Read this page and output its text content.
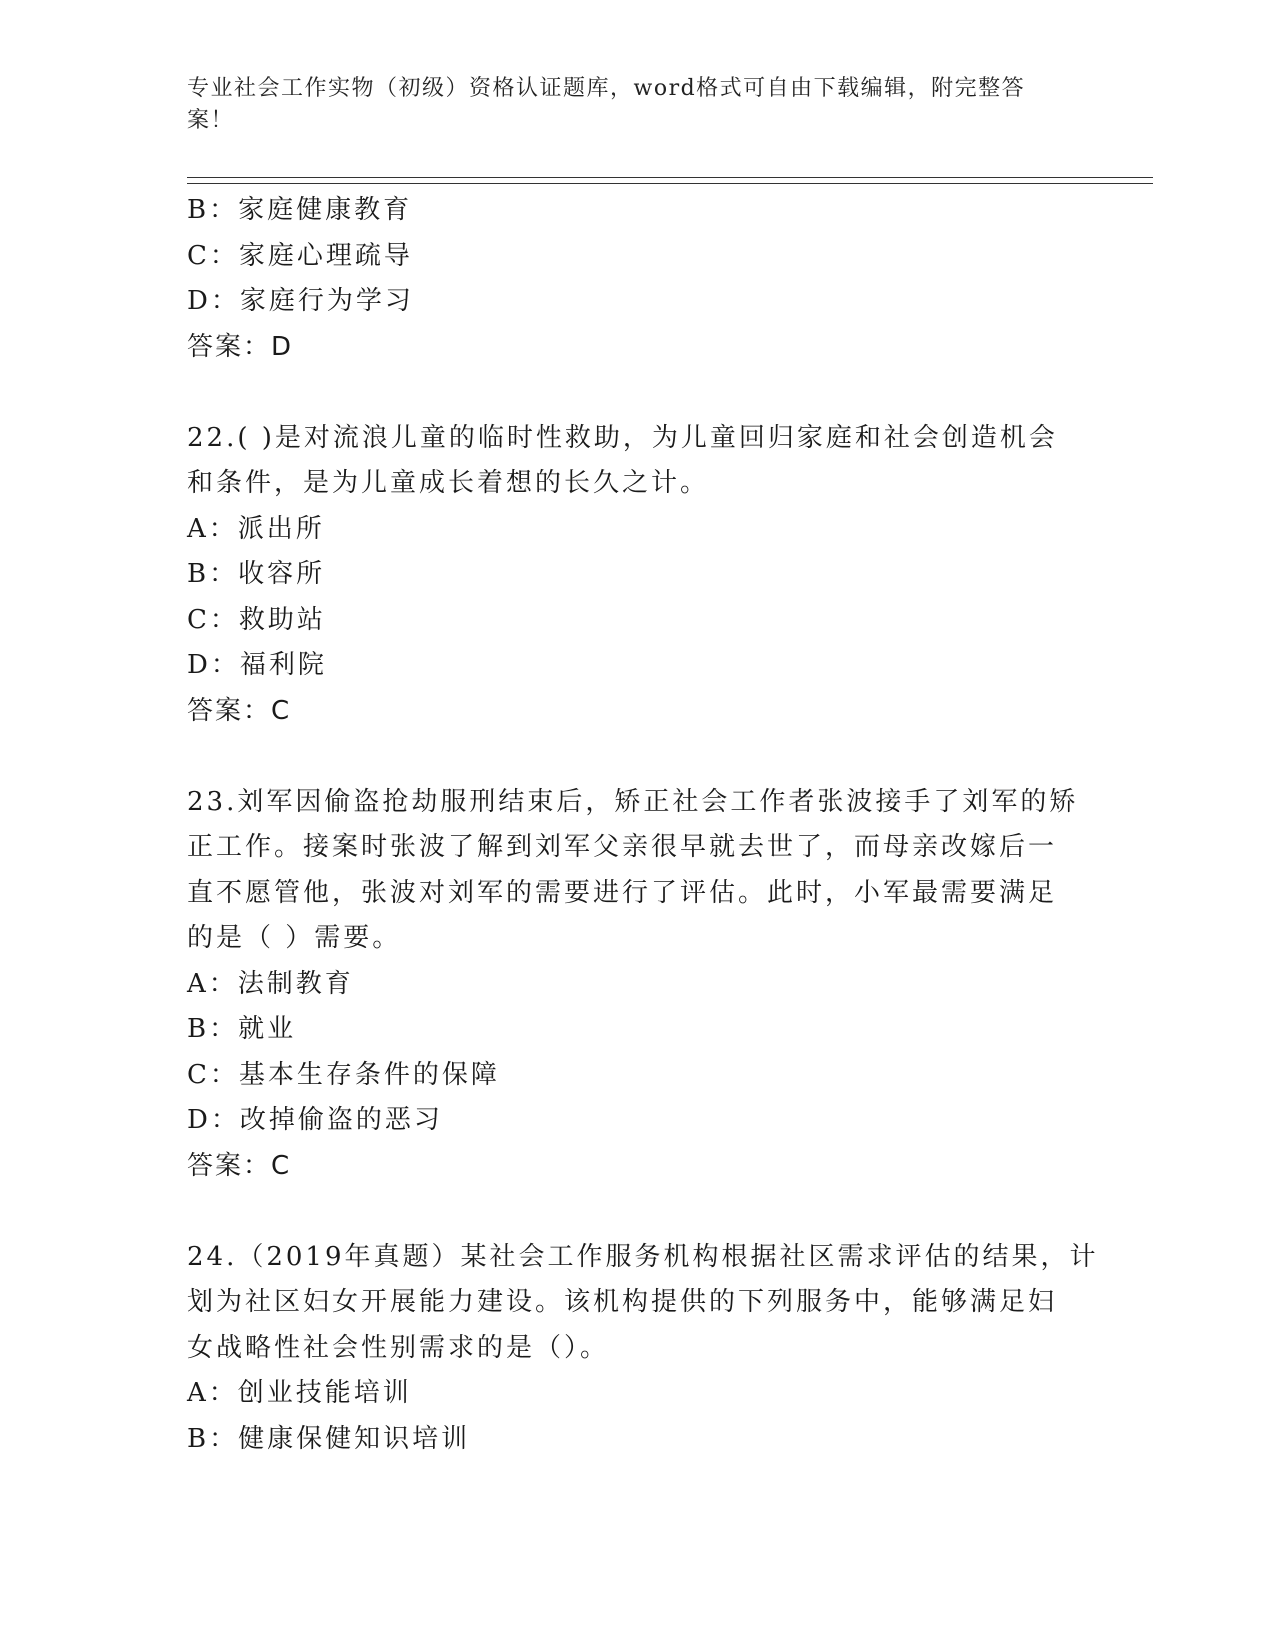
专业社会工作实物（初级）资格认证题库，word格式可自由下载编辑，附完整答
案！
B：家庭健康教育
C：家庭心理疏导
D：家庭行为学习
答案：D
22.( )是对流浪儿童的临时性救助，为儿童回归家庭和社会创造机会
和条件，是为儿童成长着想的长久之计。
A：派出所
B：收容所
C：救助站
D：福利院
答案：C
23.刘军因偷盗抢劫服刑结束后，矫正社会工作者张波接手了刘军的矫
正工作。接案时张波了解到刘军父亲很早就去世了，而母亲改嫁后一
直不愿管他，张波对刘军的需要进行了评估。此时，小军最需要满足
的是（ ）需要。
A：法制教育
B：就业
C：基本生存条件的保障
D：改掉偷盗的恶习
答案：C
24.（2019年真题）某社会工作服务机构根据社区需求评估的结果，计
划为社区妇女开展能力建设。该机构提供的下列服务中，能够满足妇
女战略性社会性别需求的是（）。
A：创业技能培训
B：健康保健知识培训
